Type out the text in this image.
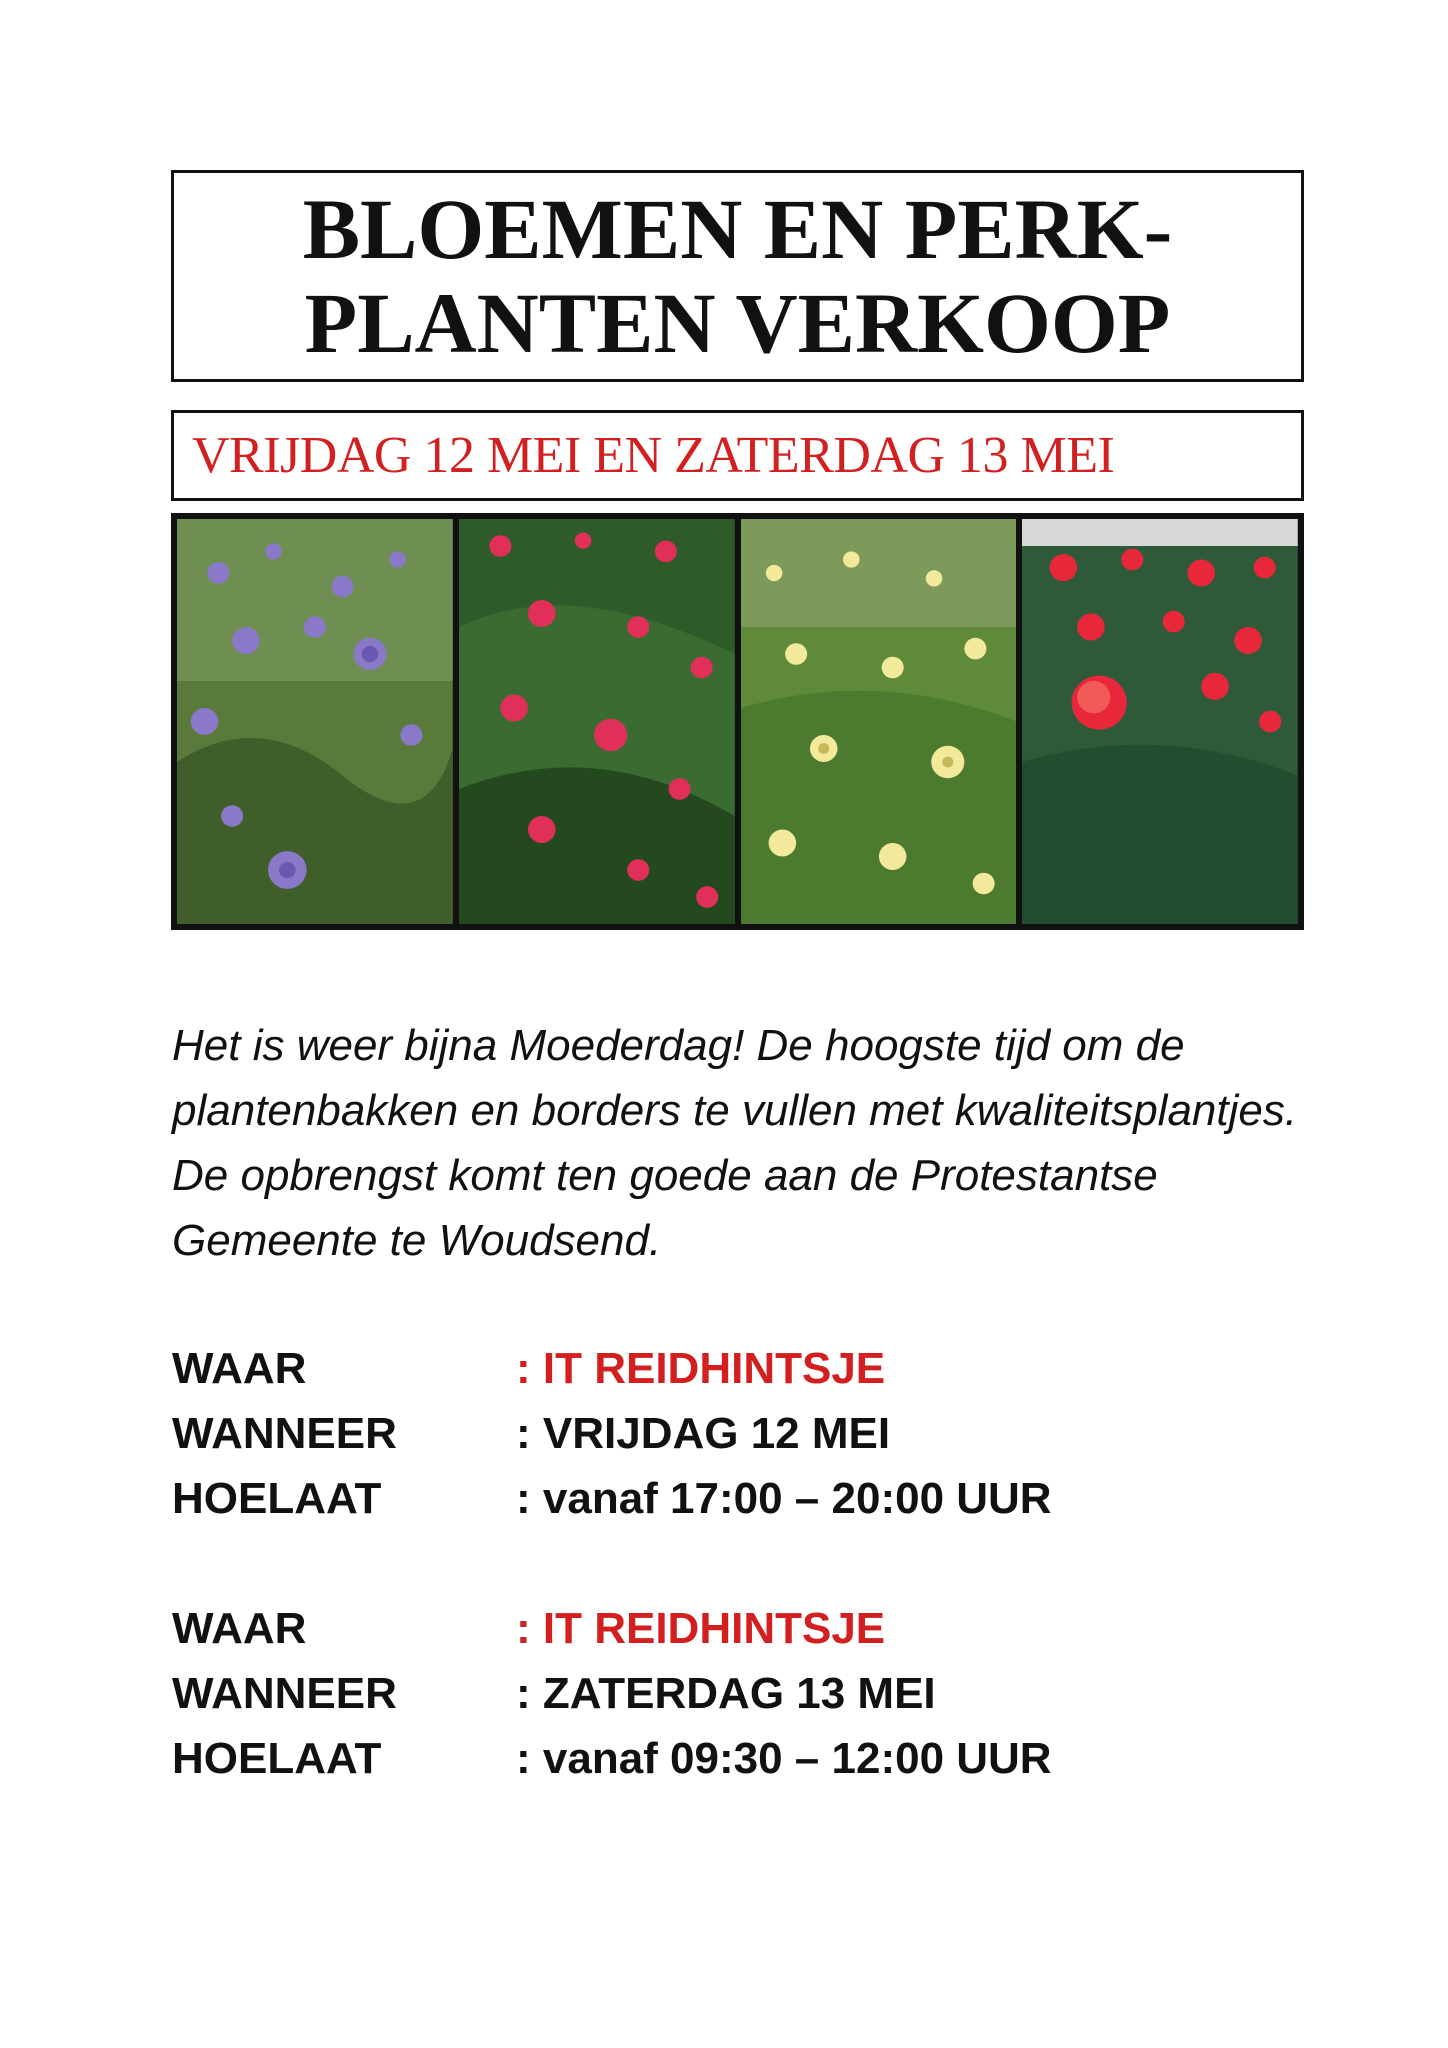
BLOEMEN EN PERK-
PLANTEN VERKOOP
VRIJDAG 12 MEI EN ZATERDAG 13 MEI
Het is weer bijna Moederdag! De hoogste tijd om de plantenbakken en borders te vullen met kwaliteitsplantjes. De opbrengst komt ten goede aan de Protestantse Gemeente te Woudsend.
WAAR	: IT REIDHINTSJE
WANNEER	: VRIJDAG 12 MEI
HOELAAT	: vanaf 17:00 – 20:00 UUR
WAAR	: IT REIDHINTSJE
WANNEER	: ZATERDAG 13 MEI
HOELAAT	: vanaf 09:30 – 12:00 UUR
